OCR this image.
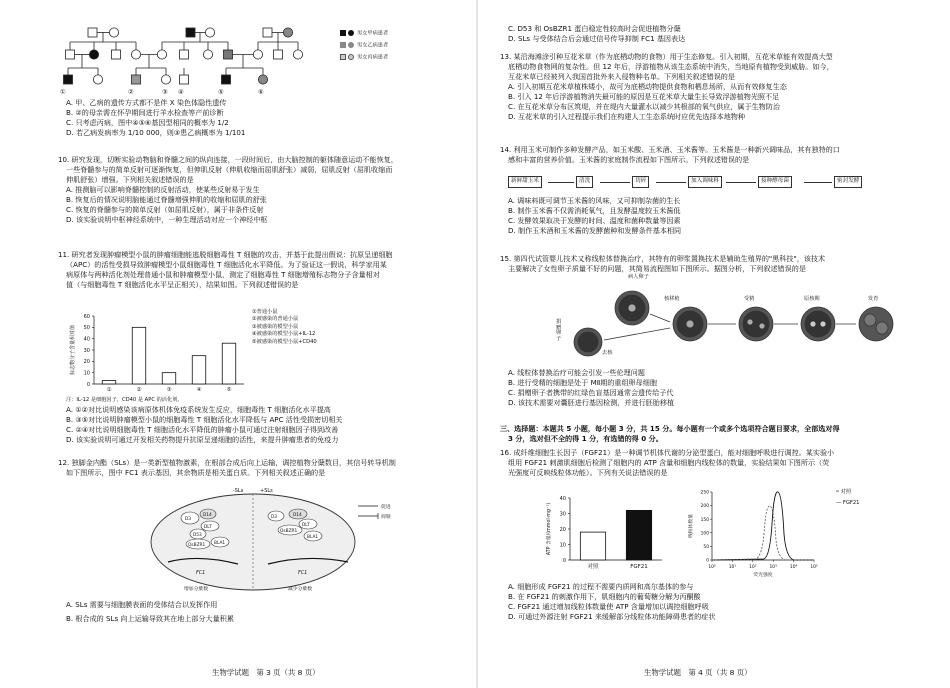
①	②	③ ④	⑤	⑥
男女甲病患者
男女乙病患者
男女丙病患者
A. 甲、乙病的遗传方式都不是伴 X 染色体隐性遗传
B. ②的母亲需在怀孕期间进行羊水检查等产前诊断
C. 只考虑丙病，图中④⑤⑥基因型相同的概率为 1/2
D. 若乙病发病率为 1/10 000，则③患乙病概率为 1/101
10. 研究发现，切断实验动物脑和脊髓之间的纵向连接，一段时间后，由大脑控制的躯体随意运动不能恢复，
一些脊髓参与的简单反射可逐渐恢复，但伸肌反射（伸肌收缩而屈肌舒张）减弱，屈肌反射（屈肌收缩而
伸肌舒张）增强。下列相关叙述错误的是
A. 推测脑可以影响脊髓控制的反射活动，使某些反射易于发生
B. 恢复后的情况说明脑能通过脊髓增强伸肌的收缩和屈肌的舒张
C. 恢复的脊髓参与的简单反射（如屈肌反射），属于非条件反射
D. 该实验说明中枢神经系统中，一种生理活动对应一个神经中枢
11. 研究者发现肿瘤模型小鼠的肿瘤细胞能逃脱细胞毒性 T 细胞的攻击，并基于此提出假说：抗原呈递细胞
（APC）的活性受损导致肿瘤模型小鼠细胞毒性 T 细胞活化水平降低。为了验证这一假说，科学家用某
病原体与两种活化剂处理普通小鼠和肿瘤模型小鼠，测定了细胞毒性 T 细胞增殖标志物分子含量相对
值（与细胞毒性 T 细胞活化水平呈正相关），结果如图。下列叙述错误的是
0
10
20
30
40
50
60
标志物分子含量相对值
①	②	③	④	⑤
①普通小鼠
②被感染的普通小鼠
③被感染的模型小鼠
④被感染的模型小鼠+IL-12
⑤被感染的模型小鼠+CD40
注：IL-12 是细胞因子，CD40 是 APC 的活化剂。
A. ①②对比说明感染该病原体机体免疫系统发生反应，细胞毒性 T 细胞活化水平提高
B. ③⑤对比说明肿瘤模型小鼠的细胞毒性 T 细胞活化水平降低与 APC 活性受损密切相关
C. ②④对比说明细胞毒性 T 细胞活化水平降低的肿瘤小鼠可通过注射细胞因子得到改善
D. 该实验说明可通过开发相关药物提升抗原呈递细胞的活性，来提升肿瘤患者的免疫力
12. 独脚金内酯（SLs）是一类新型植物激素，在根部合成后向上运输，调控植物分蘖数目，其信号转导机制
如下图所示，图中 FC1 表示基因，其余物质是相关蛋白质。下列相关叙述正确的是
-SLs	+SLs
D3
D14
DLT
D53
OsBZR1 BLA1
D14
DLT
OsBZR1
BLA1
D3
FC1	FC1
增加分蘖数	减少分蘖数
促进
抑制
A. SLs 需要与细胞膜表面的受体结合以发挥作用
B. 根合成的 SLs 向上运输导致其在地上部分大量积累
生物学试题　第 3 页（共 8 页）
C. D53 和 OsBZR1 蛋白稳定性较高时会促进植物分蘖
D. SLs 与受体结合后会通过信号传导抑制 FC1 基因表达
13. 某沿海滩涂引种互花米草（作为底栖动物的食物）用于生态修复。引入初期，互花米草能有效提高大型
底栖动物食物网的复杂性。但 12 年后，浮游植物从该生态系统中消失，当地原有植物受到威胁。如今，
互花米草已经被列入我国首批外来入侵物种名单。下列相关叙述错误的是
A. 引入初期互花米草植株矮小，故可为底栖动物提供食物和栖息场所，从而有效修复生态
B. 引入 12 年后浮游植物消失最可能的原因是互花米草大量生长导致浮游植物光照不足
C. 在互花米草分布区筑堤，并在堤内大量灌水以减少其根部的氧气供应，属于生物防治
D. 互花米草的引入过程提示我们在构建人工生态系统时应优先选择本地物种
14. 利用玉米可制作多种发酵产品，如玉米酸、玉米酒、玉米酱等。玉米酱是一种新兴调味品，其有独特的口
感和丰富的营养价值。玉米酱的家庭制作流程如下图所示。下列叙述错误的是
新鲜甜玉米	清洗	切碎	加入调味料	接种酵母菌	密封发酵
A. 调味料既可调节玉米酱的风味，又可抑制杂菌的生长
B. 制作玉米酱不仅需消耗氧气，且发酵温度较玉米酱低
C. 发酵效果取决于发酵的时间、温度和菌种数量等因素
D. 制作玉米酒和玉米酱的发酵菌种和发酵条件基本相同
15. 第四代试管婴儿技术又称线粒体替换治疗，其特有的卵浆置换技术是辅助生殖界的"黑科技"，该技术
主要解决了女性卵子质量不好的问题，其简易流程图如下图所示。据图分析，下列叙述错误的是
病人卵子
核移植	受精	原核期	发育
捐赠卵子
去核
A. 线粒体替换治疗可能会引发一些伦理问题
B. 进行受精的细胞是处于 MⅡ期的重组卵母细胞
C. 捐赠卵子者携带的红绿色盲基因通常会遗传给子代
D. 该技术需要对囊胚进行基因检测，并进行胚胎移植
三、选择题：本题共 5 小题，每小题 3 分，共 15 分。每小题有一个或多个选项符合题目要求，全部选对得
3 分，选对但不全的得 1 分，有选错的得 0 分。
16. 成纤维细胞生长因子（FGF21）是一种调节机体代谢的分泌型蛋白，能对细胞呼吸进行调控。某实验小
组用 FGF21 刺激肌细胞后检测了细胞内的 ATP 含量和细胞内线粒体的数量，实验结果如下图所示（荧
光强度可反映线粒体功能）。下列有关说法错误的是
0
10
20
30
40
ATP 含量/(mmol·mg⁻¹)
对照	FGF21
0
50
100
150
200
250
10⁰	10¹	10²	10³	10⁴	10⁵
荧光强度
线粒体数量
┅ 对照
— FGF21
A. 细胞形成 FGF21 的过程不需要内质网和高尔基体的参与
B. 在 FGF21 的刺激作用下，肌细胞内的葡萄糖分解为丙酮酸
C. FGF21 通过增加线粒体数量使 ATP 含量增加以调控细胞呼吸
D. 可通过外源注射 FGF21 来缓解部分线粒体功能障碍患者的症状
生物学试题　第 4 页（共 8 页）
